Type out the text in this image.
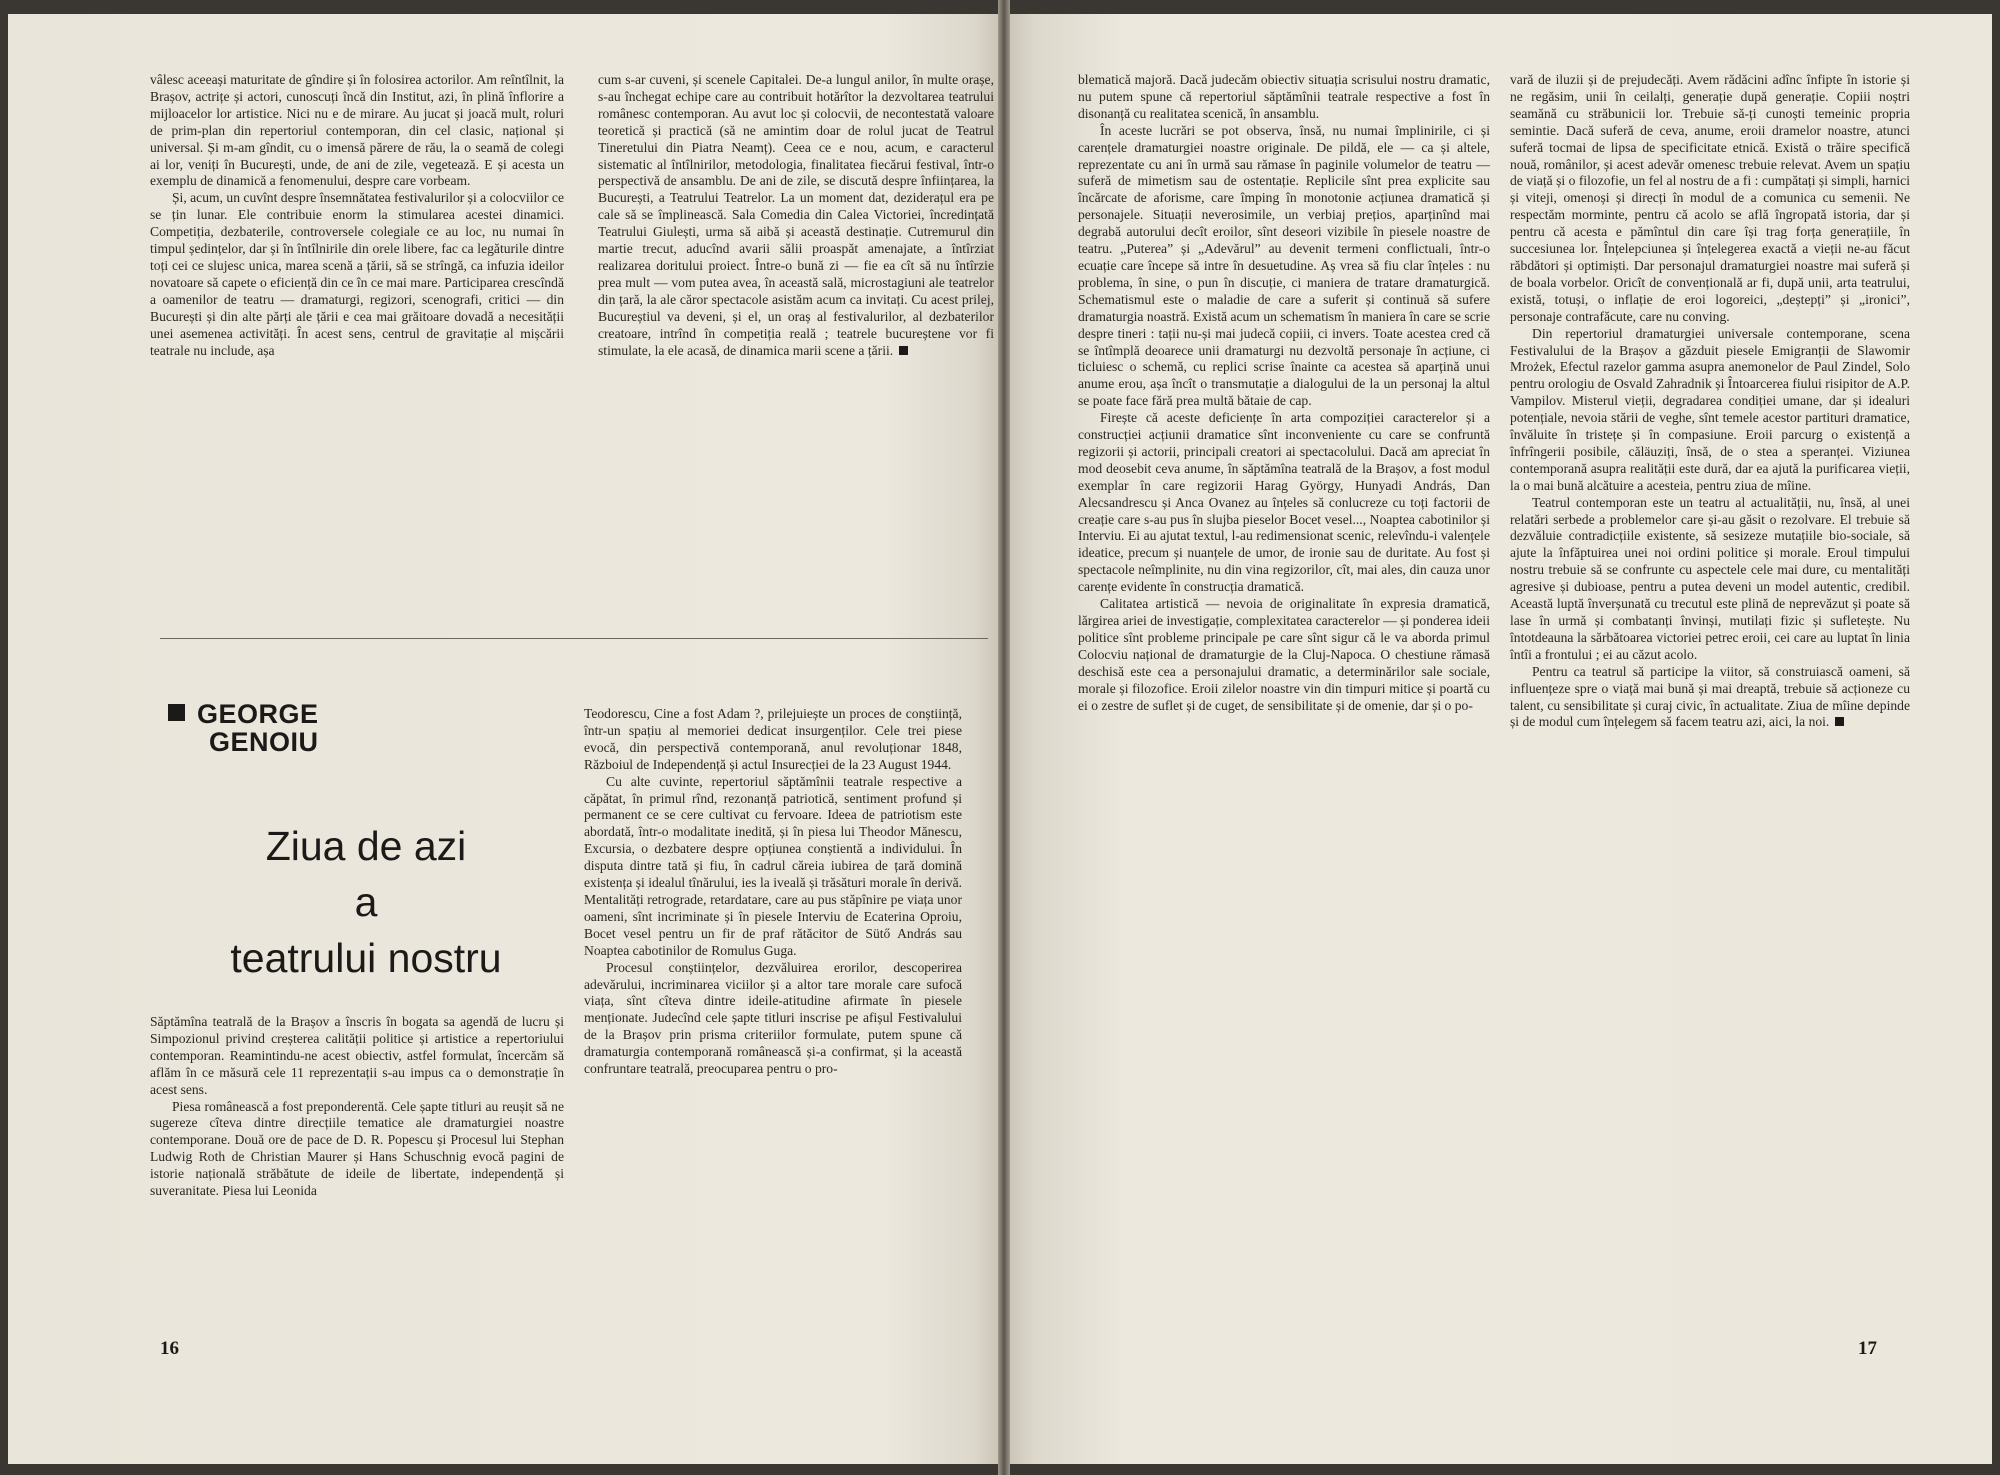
vâlesc aceeași maturitate de gîndire și în folosirea actorilor. Am reîntîlnit, la Brașov, actrițe și actori, cunoscuți încă din Institut, azi, în plină înflorire a mijloacelor lor artistice. Nici nu e de mirare. Au jucat și joacă mult, roluri de prim-plan din repertoriul contemporan, din cel clasic, național și universal. Și m-am gîndit, cu o imensă părere de rău, la o seamă de colegi ai lor, veniți în București, unde, de ani de zile, vegetează. E și acesta un exemplu de dinamică a fenomenului, despre care vorbeam.

Și, acum, un cuvînt despre însemnătatea festivalurilor și a colocviilor ce se țin lunar. Ele contribuie enorm la stimularea acestei dinamici. Competiția, dezbaterile, controversele colegiale ce au loc, nu numai în timpul ședințelor, dar și în întîlnirile din orele libere, fac ca legăturile dintre toți cei ce slujesc unica, marea scenă a țării, să se strîngă, ca infuzia ideilor novatoare să capete o eficiență din ce în ce mai mare. Participarea crescîndă a oamenilor de teatru — dramaturgi, regizori, scenografi, critici — din București și din alte părți ale țării e cea mai grăitoare dovadă a necesității unei asemenea activități. În acest sens, centrul de gravitație al mișcării teatrale nu include, așa

cum s-ar cuveni, și scenele Capitalei. De-a lungul anilor, în multe orașe, s-au închegat echipe care au contribuit hotărîtor la dezvoltarea teatrului românesc contemporan. Au avut loc și colocvii, de necontestată valoare teoretică și practică (să ne amintim doar de rolul jucat de Teatrul Tineretului din Piatra Neamț). Ceea ce e nou, acum, e caracterul sistematic al întîlnirilor, metodologia, finalitatea fiecărui festival, într-o perspectivă de ansamblu. De ani de zile, se discută despre înființarea, la București, a Teatrului Teatrelor. La un moment dat, deziderațul era pe cale să se împlinească. Sala Comedia din Calea Victoriei, încredințată Teatrului Giulești, urma să aibă și această destinație. Cutremurul din martie trecut, aducînd avarii sălii proaspăt amenajate, a întîrziat realizarea doritului proiect. Între-o bună zi — fie ea cît să nu întîrzie prea mult — vom putea avea, în această sală, microstagiuni ale teatrelor din țară, la ale căror spectacole asistăm acum ca invitați. Cu acest prilej, Bucureștiul va deveni, și el, un oraș al festivalurilor, al dezbaterilor creatoare, intrînd în competiția reală ; teatrele bucureștene vor fi stimulate, la ele acasă, de dinamica marii scene a țării.

GEORGE
GENOIU
Ziua de azi
a
teatrului nostru

Săptămîna teatrală de la Brașov a înscris în bogata sa agendă de lucru și Simpozionul privind creșterea calității politice și artistice a repertoriului contemporan. Reamintindu-ne acest obiectiv, astfel formulat, încercăm să aflăm în ce măsură cele 11 reprezentații s-au impus ca o demonstrație în acest sens.

Piesa românească a fost preponderentă. Cele șapte titluri au reușit să ne sugereze cîteva dintre direcțiile tematice ale dramaturgiei noastre contemporane. Două ore de pace de D. R. Popescu și Procesul lui Stephan Ludwig Roth de Christian Maurer și Hans Schuschnig evocă pagini de istorie națională străbătute de ideile de libertate, independență și suveranitate. Piesa lui Leonida

Teodorescu, Cine a fost Adam ?, prilejuiește un proces de conștiință, într-un spațiu al memoriei dedicat insurgenților. Cele trei piese evocă, din perspectivă contemporană, anul revoluționar 1848, Războiul de Independență și actul Insurecției de la 23 August 1944.

Cu alte cuvinte, repertoriul săptămînii teatrale respective a căpătat, în primul rînd, rezonanță patriotică, sentiment profund și permanent ce se cere cultivat cu fervoare. Ideea de patriotism este abordată, într-o modalitate inedită, și în piesa lui Theodor Mănescu, Excursia, o dezbatere despre opțiunea conștientă a individului. În disputa dintre tată și fiu, în cadrul căreia iubirea de țară domină existența și idealul tînărului, ies la iveală și trăsături morale în derivă. Mentalități retrograde, retardatare, care au pus stăpînire pe viața unor oameni, sînt incriminate și în piesele Interviu de Ecaterina Oproiu, Bocet vesel pentru un fir de praf rătăcitor de Sütő András sau Noaptea cabotinilor de Romulus Guga.

Procesul conștiințelor, dezvăluirea erorilor, descoperirea adevărului, incriminarea viciilor și a altor tare morale care sufocă viața, sînt cîteva dintre ideile-atitudine afirmate în piesele menționate. Judecînd cele șapte titluri inscrise pe afișul Festivalului de la Brașov prin prisma criteriilor formulate, putem spune că dramaturgia contemporană românească și-a confirmat, și la această confruntare teatrală, preocuparea pentru o pro-

16

blematică majoră. Dacă judecăm obiectiv situația scrisului nostru dramatic, nu putem spune că repertoriul săptămînii teatrale respective a fost în disonanță cu realitatea scenică, în ansamblu.

În aceste lucrări se pot observa, însă, nu numai împlinirile, ci și carențele dramaturgiei noastre originale. De pildă, ele — ca și altele, reprezentate cu ani în urmă sau rămase în paginile volumelor de teatru — suferă de mimetism sau de ostentație. Replicile sînt prea explicite sau încărcate de aforisme, care împing în monotonie acțiunea dramatică și personajele. Situații neverosimile, un verbiaj prețios, aparținînd mai degrabă autorului decît eroilor, sînt deseori vizibile în piesele noastre de teatru. „Puterea” și „Adevărul” au devenit termeni conflictuali, într-o ecuație care începe să intre în desuetudine. Aș vrea să fiu clar înțeles : nu problema, în sine, o pun în discuție, ci maniera de tratare dramaturgică. Schematismul este o maladie de care a suferit și continuă să sufere dramaturgia noastră. Există acum un schematism în maniera în care se scrie despre tineri : tații nu-și mai judecă copiii, ci invers. Toate acestea cred că se întîmplă deoarece unii dramaturgi nu dezvoltă personaje în acțiune, ci ticluiesc o schemă, cu replici scrise înainte ca acestea să aparțină unui anume erou, așa încît o transmutație a dialogului de la un personaj la altul se poate face fără prea multă bătaie de cap.

Firește că aceste deficiențe în arta compoziției caracterelor și a construcției acțiunii dramatice sînt inconveniente cu care se confruntă regizorii și actorii, principali creatori ai spectacolului. Dacă am apreciat în mod deosebit ceva anume, în săptămîna teatrală de la Brașov, a fost modul exemplar în care regizorii Harag György, Hunyadi András, Dan Alecsandrescu și Anca Ovanez au înțeles să conlucreze cu toți factorii de creație care s-au pus în slujba pieselor Bocet vesel..., Noaptea cabotinilor și Interviu. Ei au ajutat textul, l-au redimensionat scenic, relevîndu-i valențele ideatice, precum și nuanțele de umor, de ironie sau de duritate. Au fost și spectacole neîmplinite, nu din vina regizorilor, cît, mai ales, din cauza unor carențe evidente în construcția dramatică.

Calitatea artistică — nevoia de originalitate în expresia dramatică, lărgirea ariei de investigație, complexitatea caracterelor — și ponderea ideii politice sînt probleme principale pe care sînt sigur că le va aborda primul Colocviu național de dramaturgie de la Cluj-Napoca. O chestiune rămasă deschisă este cea a personajului dramatic, a determinărilor sale sociale, morale și filozofice. Eroii zilelor noastre vin din timpuri mitice și poartă cu ei o zestre de suflet și de cuget, de sensibilitate și de omenie, dar și o po-

vară de iluzii și de prejudecăți. Avem rădăcini adînc înfipte în istorie și ne regăsim, unii în ceilalți, generație după generație. Copiii noștri seamănă cu străbunicii lor. Trebuie să-ți cunoști temeinic propria semintie. Dacă suferă de ceva, anume, eroii dramelor noastre, atunci suferă tocmai de lipsa de specificitate etnică. Există o trăire specifică nouă, românilor, și acest adevăr omenesc trebuie relevat. Avem un spațiu de viață și o filozofie, un fel al nostru de a fi : cumpătați și simpli, harnici și viteji, omenoși și direcți în modul de a comunica cu semenii. Ne respectăm morminte, pentru că acolo se află îngropată istoria, dar și pentru că acesta e pămîntul din care își trag forța generațiile, în succesiunea lor. Înțelepciunea și înțelegerea exactă a vieții ne-au făcut răbdători și optimiști. Dar personajul dramaturgiei noastre mai suferă și de boala vorbelor. Oricît de convențională ar fi, după unii, arta teatrului, există, totuși, o inflație de eroi logoreici, „deștepți” și „ironici”, personaje contrafăcute, care nu conving.

Din repertoriul dramaturgiei universale contemporane, scena Festivalului de la Brașov a găzduit piesele Emigranții de Slawomir Mrożek, Efectul razelor gamma asupra anemonelor de Paul Zindel, Solo pentru orologiu de Osvald Zahradnik și Întoarcerea fiului risipitor de A.P. Vampilov. Misterul vieții, degradarea condiției umane, dar și idealuri potențiale, nevoia stării de veghe, sînt temele acestor partituri dramatice, învăluite în tristețe și în compasiune. Eroii parcurg o existență a înfrîngerii posibile, căläuziți, însă, de o stea a speranței. Viziunea contemporană asupra realității este dură, dar ea ajută la purificarea vieții, la o mai bună alcătuire a acesteia, pentru ziua de mîine.

Teatrul contemporan este un teatru al actualității, nu, însă, al unei relatări serbede a problemelor care și-au găsit o rezolvare. El trebuie să dezvăluie contradicțiile existente, să sesizeze mutațiile bio-sociale, să ajute la înfăptuirea unei noi ordini politice și morale. Eroul timpului nostru trebuie să se confrunte cu aspectele cele mai dure, cu mentalități agresive și dubioase, pentru a putea deveni un model autentic, credibil. Această luptă înverșunată cu trecutul este plină de neprevăzut și poate să lase în urmă și combatanți învinși, mutilați fizic și sufletește. Nu întotdeauna la sărbătoarea victoriei petrec eroii, cei care au luptat în linia întîi a frontului ; ei au căzut acolo.

Pentru ca teatrul să participe la viitor, să construiască oameni, să influențeze spre o viață mai bună și mai dreaptă, trebuie să acționeze cu talent, cu sensibilitate și curaj civic, în actualitate. Ziua de mîine depinde și de modul cum înțelegem să facem teatru azi, aici, la noi.

17
